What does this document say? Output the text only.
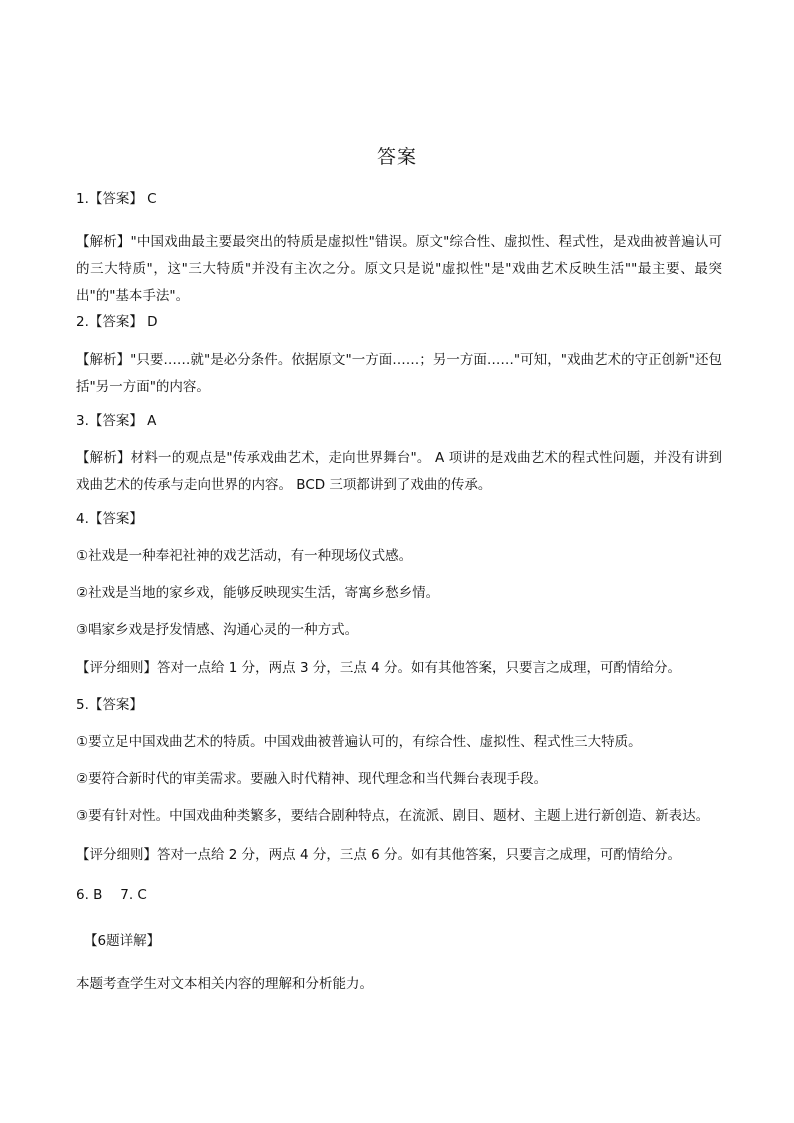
答案
1.【答案】 C
【解析】"中国戏曲最主要最突出的特质是虚拟性"错误。原文"综合性、虚拟性、程式性，是戏曲被普遍认可的三大特质"，这"三大特质"并没有主次之分。原文只是说"虚拟性"是"戏曲艺术反映生活""最主要、最突出"的"基本手法"。
2.【答案】 D
【解析】"只要……就"是必分条件。依据原文"一方面……；另一方面……"可知，"戏曲艺术的守正创新"还包括"另一方面"的内容。
3.【答案】 A
【解析】材料一的观点是"传承戏曲艺术，走向世界舞台"。 A 项讲的是戏曲艺术的程式性问题，并没有讲到戏曲艺术的传承与走向世界的内容。 BCD 三项都讲到了戏曲的传承。
4.【答案】
①社戏是一种奉祀社神的戏艺活动，有一种现场仪式感。
②社戏是当地的家乡戏，能够反映现实生活，寄寓乡愁乡情。
③唱家乡戏是抒发情感、沟通心灵的一种方式。
【评分细则】答对一点给 1 分，两点 3 分，三点 4 分。如有其他答案，只要言之成理，可酌情给分。
5.【答案】
①要立足中国戏曲艺术的特质。中国戏曲被普遍认可的，有综合性、虚拟性、程式性三大特质。
②要符合新时代的审美需求。要融入时代精神、现代理念和当代舞台表现手段。
③要有针对性。中国戏曲种类繁多，要结合剧种特点，在流派、剧目、题材、主题上进行新创造、新表达。
【评分细则】答对一点给 2 分，两点 4 分，三点 6 分。如有其他答案，只要言之成理，可酌情给分。
6. B　 7. C
【6题详解】
本题考查学生对文本相关内容的理解和分析能力。
